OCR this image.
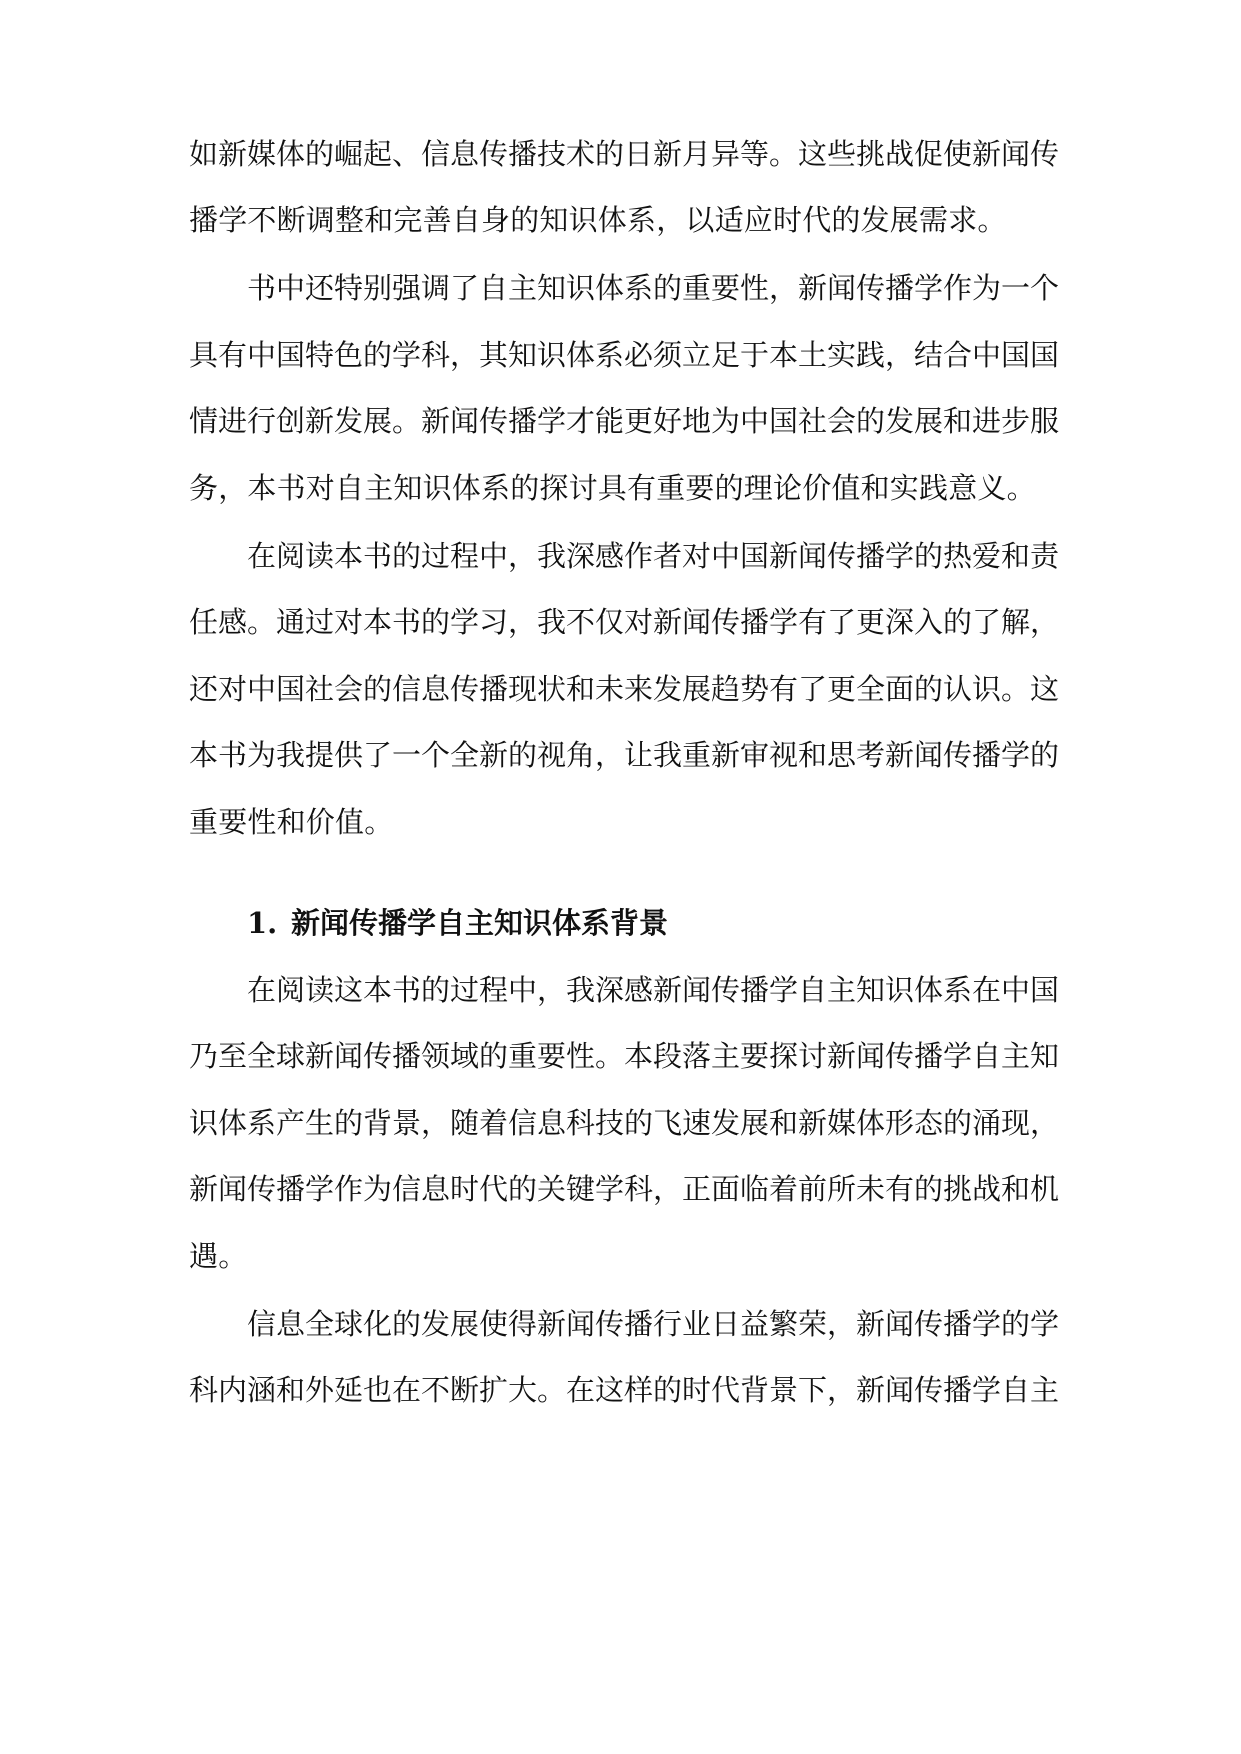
如新媒体的崛起、信息传播技术的日新月异等。这些挑战促使新闻传
播学不断调整和完善自身的知识体系，以适应时代的发展需求。
书中还特别强调了自主知识体系的重要性，新闻传播学作为一个
具有中国特色的学科，其知识体系必须立足于本土实践，结合中国国
情进行创新发展。新闻传播学才能更好地为中国社会的发展和进步服
务，本书对自主知识体系的探讨具有重要的理论价值和实践意义。
在阅读本书的过程中，我深感作者对中国新闻传播学的热爱和责
任感。通过对本书的学习，我不仅对新闻传播学有了更深入的了解，
还对中国社会的信息传播现状和未来发展趋势有了更全面的认识。这
本书为我提供了一个全新的视角，让我重新审视和思考新闻传播学的
重要性和价值。
1. 新闻传播学自主知识体系背景
在阅读这本书的过程中，我深感新闻传播学自主知识体系在中国
乃至全球新闻传播领域的重要性。本段落主要探讨新闻传播学自主知
识体系产生的背景，随着信息科技的飞速发展和新媒体形态的涌现，
新闻传播学作为信息时代的关键学科，正面临着前所未有的挑战和机
遇。
信息全球化的发展使得新闻传播行业日益繁荣，新闻传播学的学
科内涵和外延也在不断扩大。在这样的时代背景下，新闻传播学自主
